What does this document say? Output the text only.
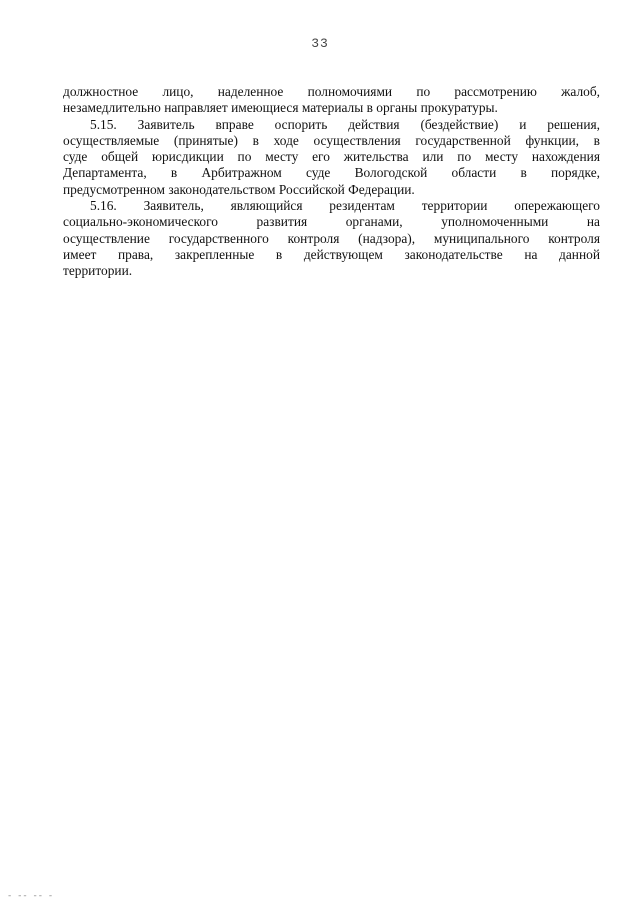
33
должностное лицо, наделенное полномочиями по рассмотрению жалоб,
незамедлительно направляет имеющиеся материалы в органы прокуратуры.
5.15. Заявитель вправе оспорить действия (бездействие) и решения,
осуществляемые (принятые) в ходе осуществления государственной функции, в
суде общей юрисдикции по месту его жительства или по месту нахождения
Департамента, в Арбитражном суде Вологодской области в порядке,
предусмотренном законодательством Российской Федерации.
5.16. Заявитель, являющийся резидентам территории опережающего
социально-экономического развития органами, уполномоченными на
осуществление государственного контроля (надзора), муниципального контроля
имеет права, закрепленные в действующем законодательстве на данной
территории.
- -- -- -
